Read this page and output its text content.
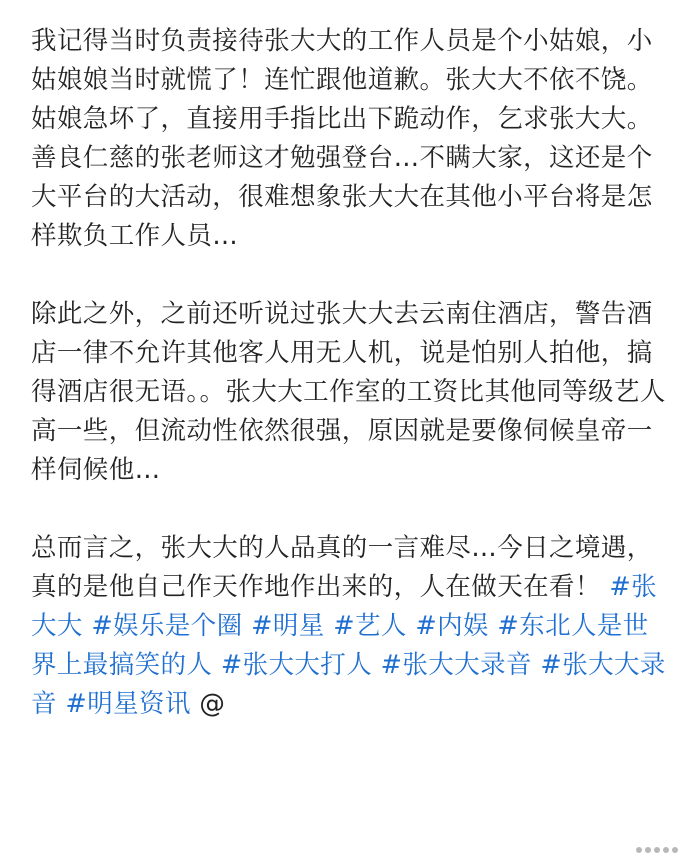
我记得当时负责接待张大大的工作人员是个小姑娘，小姑娘娘当时就慌了！连忙跟他道歉。张大大不依不饶。姑娘急坏了，直接用手指比出下跪动作，乞求张大大。善良仁慈的张老师这才勉强登台…不瞒大家，这还是个大平台的大活动，很难想象张大大在其他小平台将是怎样欺负工作人员…

除此之外，之前还听说过张大大去云南住酒店，警告酒店一律不允许其他客人用无人机，说是怕别人拍他，搞得酒店很无语。。张大大工作室的工资比其他同等级艺人高一些，但流动性依然很强，原因就是要像伺候皇帝一样伺候他…

总而言之，张大大的人品真的一言难尽…今日之境遇，真的是他自己作天作地作出来的，人在做天在看！ #张大大 #娱乐是个圈 #明星 #艺人 #内娱 #东北人是世界上最搞笑的人 #张大大打人 #张大大录音 #张大大录音 #明星资讯 @
